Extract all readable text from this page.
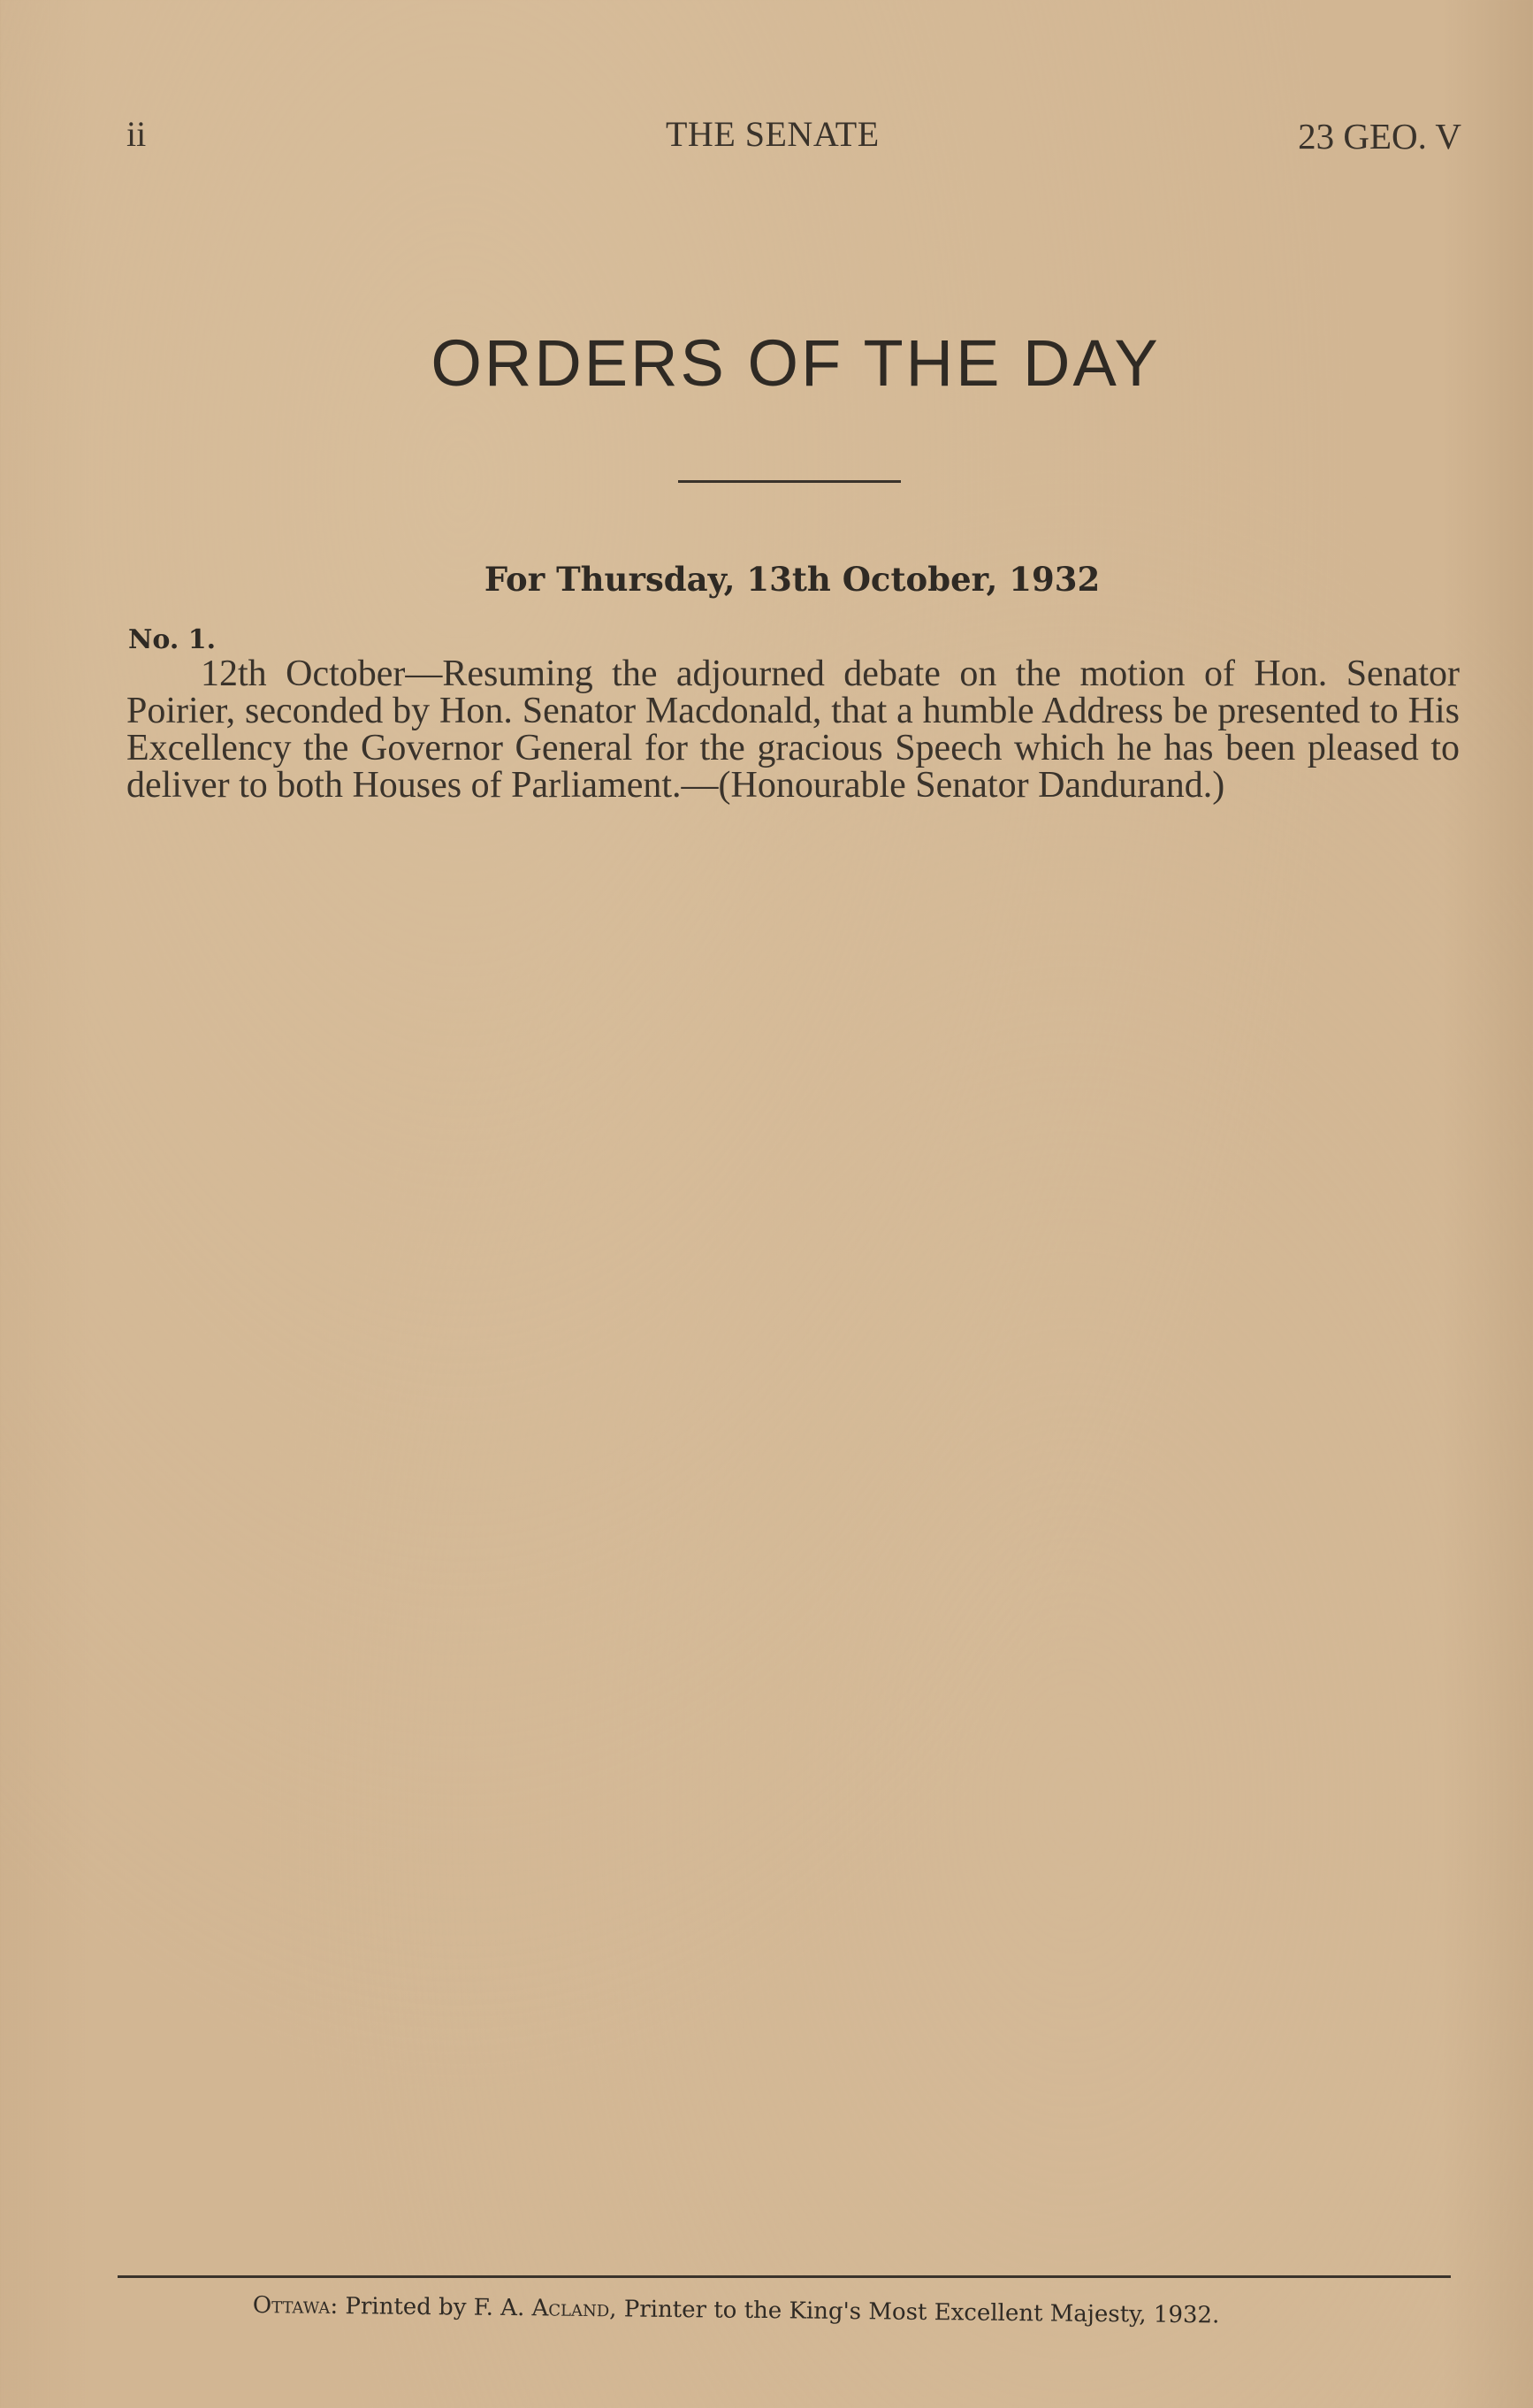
ii	THE SENATE	23 GEO. V
ORDERS OF THE DAY
For Thursday, 13th October, 1932
No. 1.
12th October—Resuming the adjourned debate on the motion of Hon. Senator Poirier, seconded by Hon. Senator Macdonald, that a humble Address be presented to His Excellency the Governor General for the gracious Speech which he has been pleased to deliver to both Houses of Parliament.—(Honourable Senator Dandurand.)
Ottawa: Printed by F. A. Acland, Printer to the King's Most Excellent Majesty, 1932.
